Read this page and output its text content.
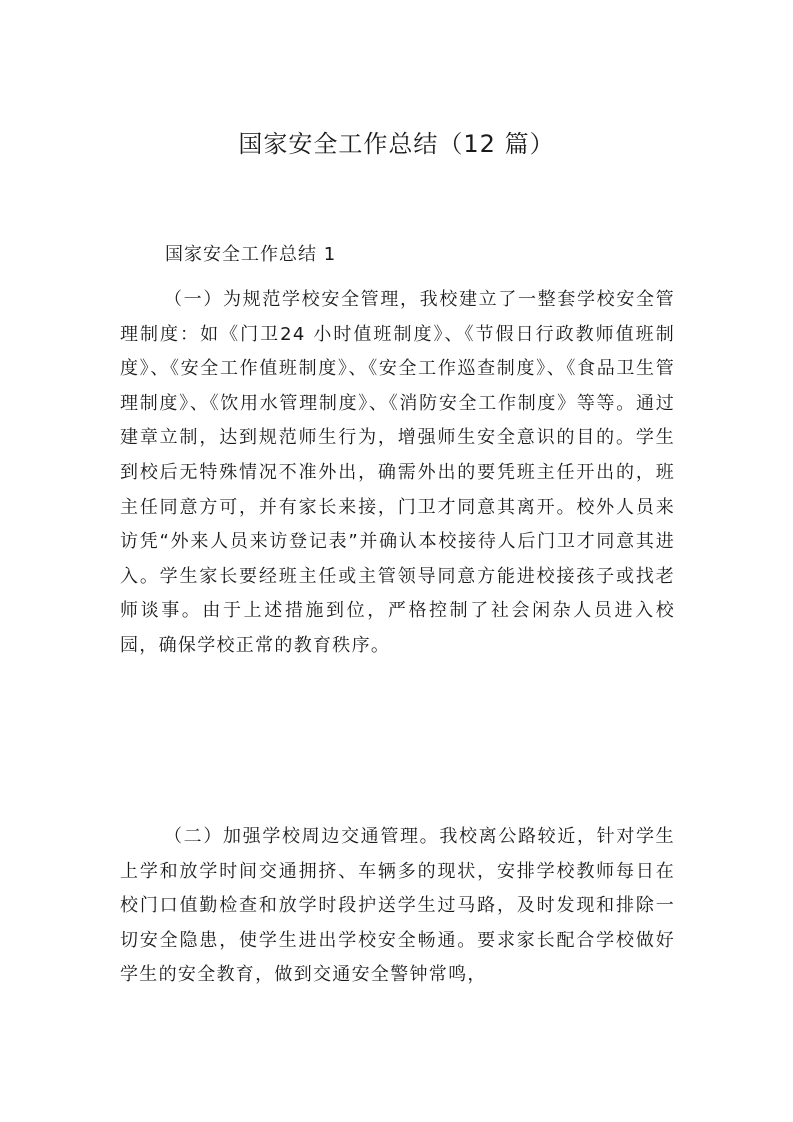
国家安全工作总结（12 篇）

国家安全工作总结 1

（一）为规范学校安全管理，我校建立了一整套学校安全管理制度：如《门卫24 小时值班制度》、《节假日行政教师值班制度》、《安全工作值班制度》、《安全工作巡查制度》、《食品卫生管理制度》、《饮用水管理制度》、《消防安全工作制度》等等。通过建章立制，达到规范师生行为，增强师生安全意识的目的。学生到校后无特殊情况不准外出，确需外出的要凭班主任开出的，班主任同意方可，并有家长来接，门卫才同意其离开。校外人员来访凭“外来人员来访登记表”并确认本校接待人后门卫才同意其进入。学生家长要经班主任或主管领导同意方能进校接孩子或找老师谈事。由于上述措施到位，严格控制了社会闲杂人员进入校园，确保学校正常的教育秩序。

（二）加强学校周边交通管理。我校离公路较近，针对学生上学和放学时间交通拥挤、车辆多的现状，安排学校教师每日在校门口值勤检查和放学时段护送学生过马路，及时发现和排除一切安全隐患，使学生进出学校安全畅通。要求家长配合学校做好学生的安全教育，做到交通安全警钟常鸣，
